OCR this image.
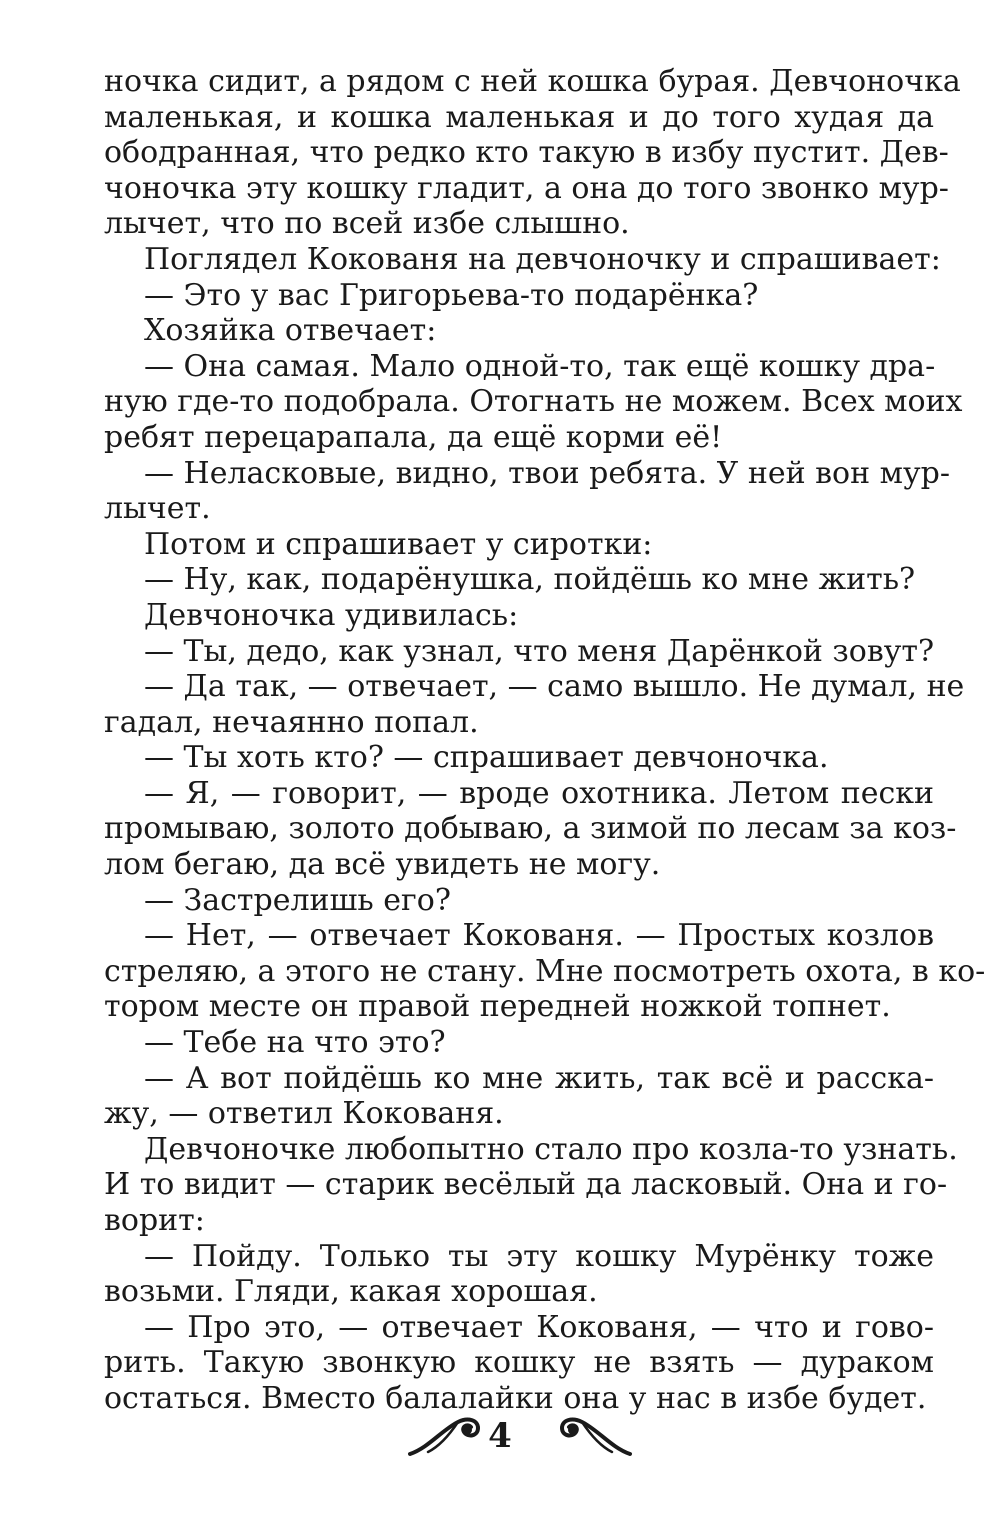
ночка сидит, а рядом с ней кошка бурая. Девчоночка
маленькая, и кошка маленькая и до того худая да
ободранная, что редко кто такую в избу пустит. Дев-
чоночка эту кошку гладит, а она до того звонко мур-
лычет, что по всей избе слышно.
Поглядел Кокованя на девчоночку и спрашивает:
— Это у вас Григорьева-то подарёнка?
Хозяйка отвечает:
— Она самая. Мало одной-то, так ещё кошку дра-
ную где-то подобрала. Отогнать не можем. Всех моих
ребят перецарапала, да ещё корми её!
— Неласковые, видно, твои ребята. У ней вон мур-
лычет.
Потом и спрашивает у сиротки:
— Ну, как, подарёнушка, пойдёшь ко мне жить?
Девчоночка удивилась:
— Ты, дедо, как узнал, что меня Дарёнкой зовут?
— Да так, — отвечает, — само вышло. Не думал, не
гадал, нечаянно попал.
— Ты хоть кто? — спрашивает девчоночка.
— Я, — говорит, — вроде охотника. Летом пески
промываю, золото добываю, а зимой по лесам за коз-
лом бегаю, да всё увидеть не могу.
— Застрелишь его?
— Нет, — отвечает Кокованя. — Простых козлов
стреляю, а этого не стану. Мне посмотреть охота, в ко-
тором месте он правой передней ножкой топнет.
— Тебе на что это?
— А вот пойдёшь ко мне жить, так всё и расска-
жу, — ответил Кокованя.
Девчоночке любопытно стало про козла-то узнать.
И то видит — старик весёлый да ласковый. Она и го-
ворит:
— Пойду. Только ты эту кошку Мурёнку тоже
возьми. Гляди, какая хорошая.
— Про это, — отвечает Кокованя, — что и гово-
рить. Такую звонкую кошку не взять — дураком
остаться. Вместо балалайки она у нас в избе будет.
4
